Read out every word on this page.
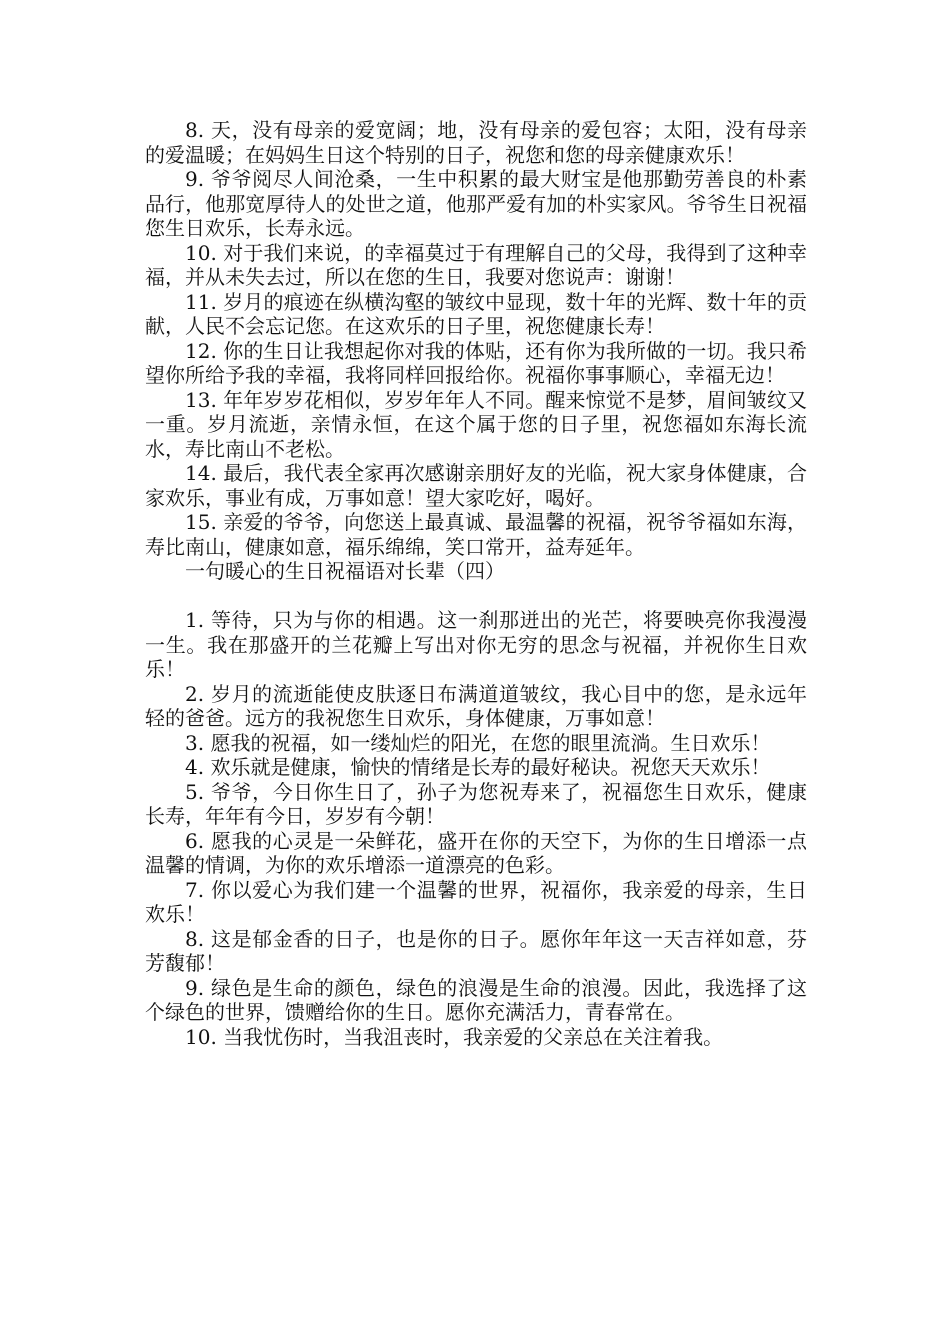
8. 天，没有母亲的爱宽阔；地，没有母亲的爱包容；太阳，没有母亲的爱温暖；在妈妈生日这个特别的日子，祝您和您的母亲健康欢乐！

9. 爷爷阅尽人间沧桑，一生中积累的最大财宝是他那勤劳善良的朴素品行，他那宽厚待人的处世之道，他那严爱有加的朴实家风。爷爷生日祝福您生日欢乐，长寿永远。

10. 对于我们来说，的幸福莫过于有理解自己的父母，我得到了这种幸福，并从未失去过，所以在您的生日，我要对您说声：谢谢！

11. 岁月的痕迹在纵横沟壑的皱纹中显现，数十年的光辉、数十年的贡献，人民不会忘记您。在这欢乐的日子里，祝您健康长寿！

12. 你的生日让我想起你对我的体贴，还有你为我所做的一切。我只希望你所给予我的幸福，我将同样回报给你。祝福你事事顺心，幸福无边！

13. 年年岁岁花相似，岁岁年年人不同。醒来惊觉不是梦，眉间皱纹又一重。岁月流逝，亲情永恒，在这个属于您的日子里，祝您福如东海长流水，寿比南山不老松。

14. 最后，我代表全家再次感谢亲朋好友的光临，祝大家身体健康，合家欢乐，事业有成，万事如意！望大家吃好，喝好。

15. 亲爱的爷爷，向您送上最真诚、最温馨的祝福，祝爷爷福如东海，寿比南山，健康如意，福乐绵绵，笑口常开，益寿延年。

一句暖心的生日祝福语对长辈（四）

1. 等待，只为与你的相遇。这一刹那迸出的光芒，将要映亮你我漫漫一生。我在那盛开的兰花瓣上写出对你无穷的思念与祝福，并祝你生日欢乐！

2. 岁月的流逝能使皮肤逐日布满道道皱纹，我心目中的您，是永远年轻的爸爸。远方的我祝您生日欢乐，身体健康，万事如意！

3. 愿我的祝福，如一缕灿烂的阳光，在您的眼里流淌。生日欢乐！

4. 欢乐就是健康，愉快的情绪是长寿的最好秘诀。祝您天天欢乐！

5. 爷爷，今日你生日了，孙子为您祝寿来了，祝福您生日欢乐，健康长寿，年年有今日，岁岁有今朝！

6. 愿我的心灵是一朵鲜花，盛开在你的天空下，为你的生日增添一点温馨的情调，为你的欢乐增添一道漂亮的色彩。

7. 你以爱心为我们建一个温馨的世界，祝福你，我亲爱的母亲，生日欢乐！

8. 这是郁金香的日子，也是你的日子。愿你年年这一天吉祥如意，芬芳馥郁！

9. 绿色是生命的颜色，绿色的浪漫是生命的浪漫。因此，我选择了这个绿色的世界，馈赠给你的生日。愿你充满活力，青春常在。

10. 当我忧伤时，当我沮丧时，我亲爱的父亲总在关注着我。
